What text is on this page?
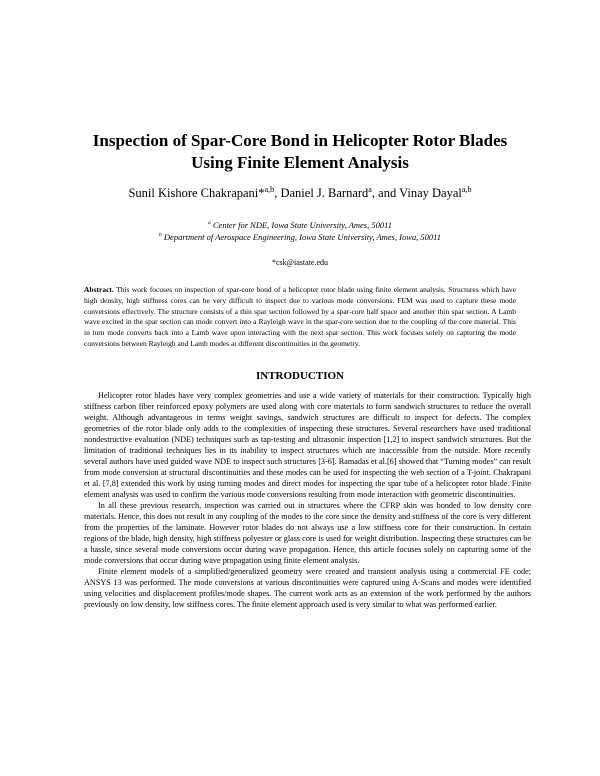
Inspection of Spar-Core Bond in Helicopter Rotor Blades
Using Finite Element Analysis
Sunil Kishore Chakrapani*$^{a,b}$, Daniel J. Barnard$^a$, and Vinay Dayal$^{a,b}$
$^a$ Center for NDE, Iowa State University, Ames, 50011
$^b$ Department of Aerospace Engineering, Iowa State University, Ames, Iowa, 50011
*csk@iastate.edu
Abstract. This work focuses on inspection of spar-core bond of a helicopter rotor blade using finite element analysis. Structures which have high density, high stiffness cores can be very difficult to inspect due to various mode conversions. FEM was used to capture these mode conversions effectively. The structure consists of a thin spar section followed by a spar-core half space and another thin spar section. A Lamb wave excited in the spar section can mode convert into a Rayleigh wave in the spar-core section due to the coupling of the core material. This in turn mode converts back into a Lamb wave upon interacting with the next spar section. This work focuses solely on capturing the mode conversions between Rayleigh and Lamb modes at different discontinuities in the geometry.
INTRODUCTION

Helicopter rotor blades have very complex geometries and use a wide variety of materials for their construction. Typically high stiffness carbon fiber reinforced epoxy polymers are used along with core materials to form sandwich structures to reduce the overall weight. Although advantageous in terms weight savings, sandwich structures are difficult to inspect for defects. The complex geometries of the rotor blade only adds to the complexities of inspecting these structures. Several researchers have used traditional nondestructive evaluation (NDE) techniques such as tap-testing and ultrasonic inspection [1,2] to inspect sandwich structures. But the limitation of traditional techniques lies in its inability to inspect structures which are inaccessible from the outside. More recently several authors have used guided wave NDE to inspect such structures [3-6]. Ramadas et al.[6] showed that “Turning modes” can result from mode conversion at structural discontinuities and these modes can be used for inspecting the web section of a T-joint. Chakrapani et al. [7,8] extended this work by using turning modes and direct modes for inspecting the spar tube of a helicopter rotor blade. Finite element analysis was used to confirm the various mode conversions resulting from mode interaction with geometric discontinuities.

In all these previous research, inspection was carried out in structures where the CFRP skin was bonded to low density core materials. Hence, this does not result in any coupling of the modes to the core since the density and stiffness of the core is very different from the properties of the laminate. However rotor blades do not always use a low stiffness core for their construction. In certain regions of the blade, high density, high stiffness polyester or glass core is used for weight distribution. Inspecting these structures can be a hassle, since several mode conversions occur during wave propagation. Hence, this article focuses solely on capturing some of the mode conversions that occur during wave propagation using finite element analysis.

Finite element models of a simplified/generalized geometry were created and transient analysis using a commercial FE code; ANSYS 13 was performed. The mode conversions at various discontinuities were captured using A-Scans and modes were identified using velocities and displacement profiles/mode shapes. The current work acts as an extension of the work performed by the authors previously on low density, low stiffness cores. The finite element approach used is very similar to what was performed earlier.
